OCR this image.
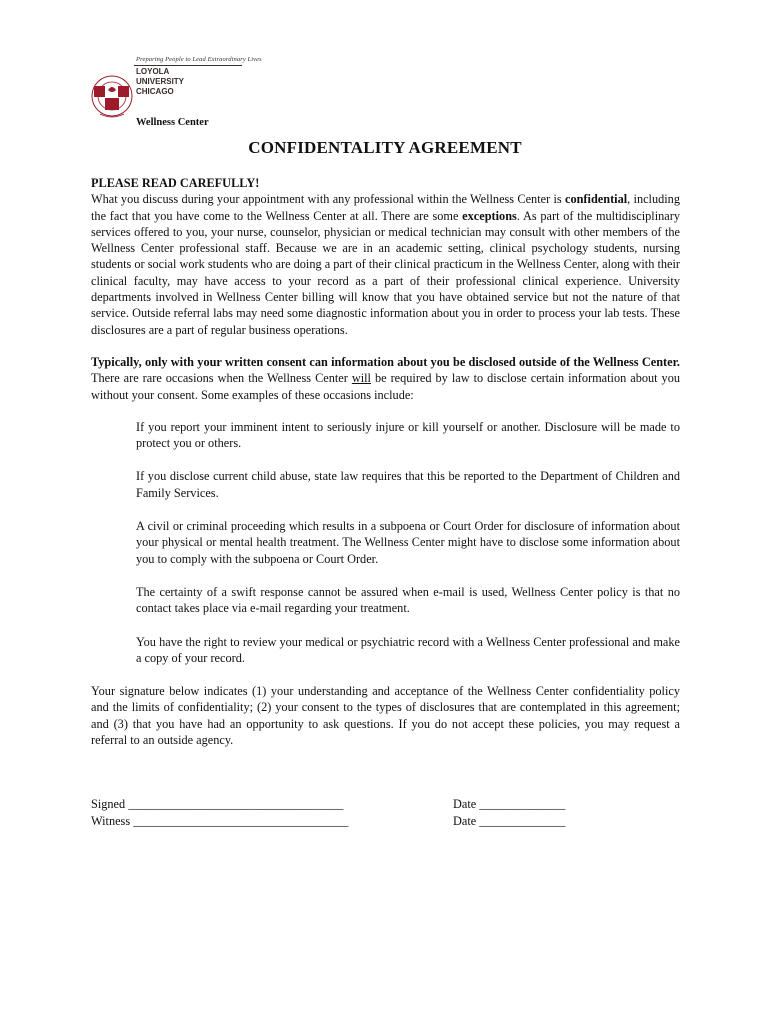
Preparing People to Lead Extraordinary Lives
LOYOLA
UNIVERSITY
CHICAGO
Wellness Center
CONFIDENTALITY AGREEMENT

PLEASE READ CAREFULLY!

What you discuss during your appointment with any professional within the Wellness Center is confidential, including the fact that you have come to the Wellness Center at all. There are some exceptions. As part of the multidisciplinary services offered to you, your nurse, counselor, physician or medical technician may consult with other members of the Wellness Center professional staff. Because we are in an academic setting, clinical psychology students, nursing students or social work students who are doing a part of their clinical practicum in the Wellness Center, along with their clinical faculty, may have access to your record as a part of their professional clinical experience. University departments involved in Wellness Center billing will know that you have obtained service but not the nature of that service. Outside referral labs may need some diagnostic information about you in order to process your lab tests. These disclosures are a part of regular business operations.

Typically, only with your written consent can information about you be disclosed outside of the Wellness Center. There are rare occasions when the Wellness Center will be required by law to disclose certain information about you without your consent. Some examples of these occasions include:

If you report your imminent intent to seriously injure or kill yourself or another. Disclosure will be made to protect you or others.

If you disclose current child abuse, state law requires that this be reported to the Department of Children and Family Services.

A civil or criminal proceeding which results in a subpoena or Court Order for disclosure of information about your physical or mental health treatment. The Wellness Center might have to disclose some information about you to comply with the subpoena or Court Order.

The certainty of a swift response cannot be assured when e-mail is used, Wellness Center policy is that no contact takes place via e-mail regarding your treatment.

You have the right to review your medical or psychiatric record with a Wellness Center professional and make a copy of your record.

Your signature below indicates (1) your understanding and acceptance of the Wellness Center confidentiality policy and the limits of confidentiality; (2) your consent to the types of disclosures that are contemplated in this agreement; and (3) that you have had an opportunity to ask questions. If you do not accept these policies, you may request a referral to an outside agency.

Signed ___________________________________	Date ______________
Witness ___________________________________	Date ______________
